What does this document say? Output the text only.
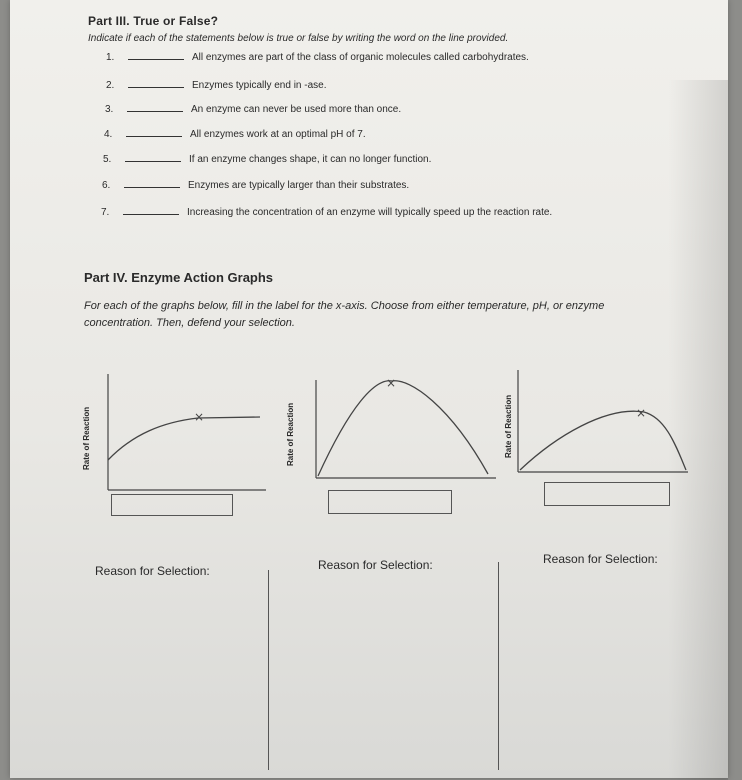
Part III. True or False?
Indicate if each of the statements below is true or false by writing the word on the line provided.
1.	All enzymes are part of the class of organic molecules called carbohydrates.
2.	Enzymes typically end in -ase.
3.	An enzyme can never be used more than once.
4.	All enzymes work at an optimal pH of 7.
5.	If an enzyme changes shape, it can no longer function.
6.	Enzymes are typically larger than their substrates.
7.	Increasing the concentration of an enzyme will typically speed up the reaction rate.
Part IV. Enzyme Action Graphs
For each of the graphs below, fill in the label for the x-axis. Choose from either temperature, pH, or enzyme concentration. Then, defend your selection.
×
Rate of Reaction
×
Rate of Reaction	×
Rate of Reaction
Reason for Selection:	Reason for Selection:	Reason for Selection:
